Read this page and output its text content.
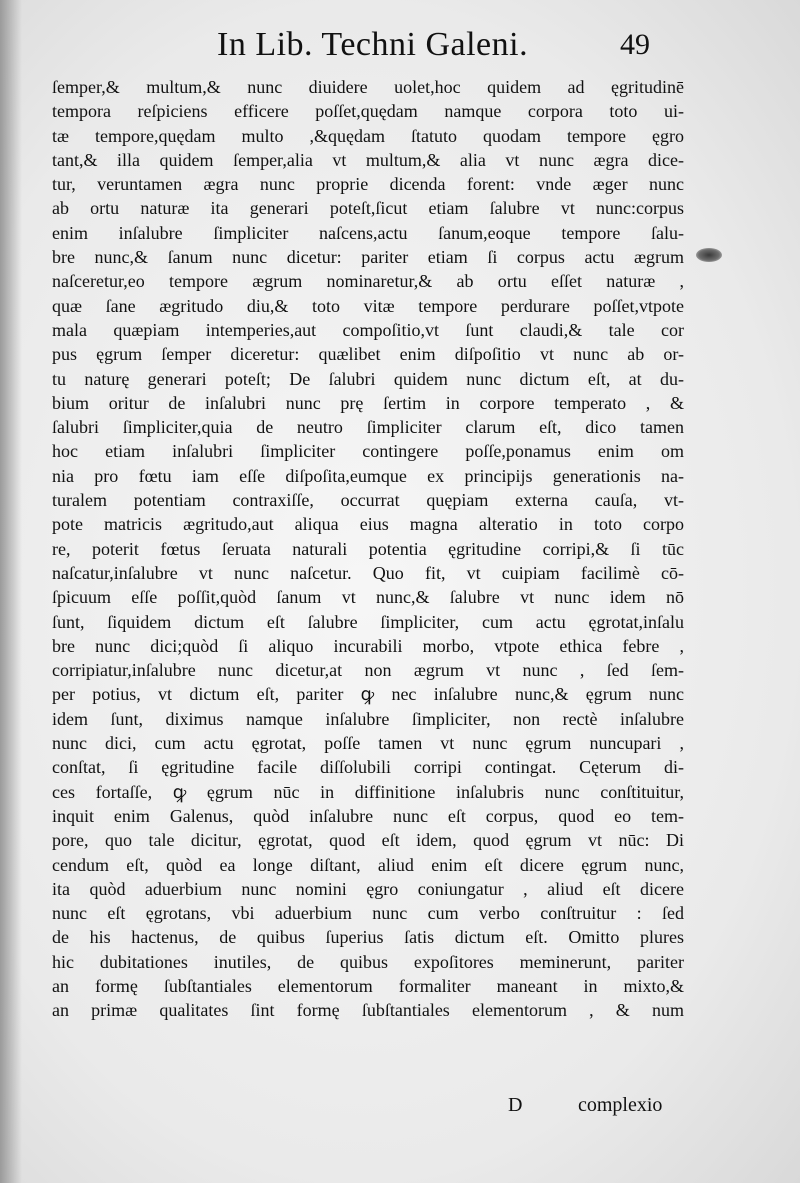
In Lib. Techni Galeni.	49
ſemper,& multum,& nunc diuidere uolet,hoc quidem ad ęgritudinē
tempora reſpiciens efficere poſſet,quędam namque corpora toto ui-
tæ tempore,quędam multo ,&quędam ſtatuto quodam tempore ęgro
tant,& illa quidem ſemper,alia vt multum,& alia vt nunc ægra dice-
tur, veruntamen ægra nunc proprie dicenda forent: vnde æger nunc
ab ortu naturæ ita generari poteſt,ſicut etiam ſalubre vt nunc:corpus
enim inſalubre ſimpliciter naſcens,actu ſanum,eoque tempore ſalu-
bre nunc,& ſanum nunc dicetur: pariter etiam ſi corpus actu ægrum
naſceretur,eo tempore ægrum nominaretur,& ab ortu eſſet naturæ ,
quæ ſane ægritudo diu,& toto vitæ tempore perdurare poſſet,vtpote
mala quæpiam intemperies,aut compoſitio,vt ſunt claudi,& tale cor
pus ęgrum ſemper diceretur: quælibet enim diſpoſitio vt nunc ab or-
tu naturę generari poteſt; De ſalubri quidem nunc dictum eſt, at du-
bium oritur de inſalubri nunc prę ſertim in corpore temperato , &
ſalubri ſimpliciter,quia de neutro ſimpliciter clarum eſt, dico tamen
hoc etiam inſalubri ſimpliciter contingere poſſe,ponamus enim om
nia pro fœtu iam eſſe diſpoſita,eumque ex principijs generationis na-
turalem potentiam contraxiſſe, occurrat quępiam externa cauſa, vt-
pote matricis ægritudo,aut aliqua eius magna alteratio in toto corpo
re, poterit fœtus ſeruata naturali potentia ęgritudine corripi,& ſi tūc
naſcatur,inſalubre vt nunc naſcetur. Quo fit, vt cuipiam facilimè cō-
ſpicuum eſſe poſſit,quòd ſanum vt nunc,& ſalubre vt nunc idem nō
ſunt, ſiquidem dictum eſt ſalubre ſimpliciter, cum actu ęgrotat,inſalu
bre nunc dici;quòd ſi aliquo incurabili morbo, vtpote ethica febre ,
corripiatur,inſalubre nunc dicetur,at non ægrum vt nunc , ſed ſem-
per potius, vt dictum eſt, pariter ꝙ nec inſalubre nunc,& ęgrum nunc
idem ſunt, diximus namque inſalubre ſimpliciter, non rectè inſalubre
nunc dici, cum actu ęgrotat, poſſe tamen vt nunc ęgrum nuncupari ,
conſtat, ſi ęgritudine facile diſſolubili corripi contingat. Cęterum di-
ces fortaſſe, ꝙ ęgrum nūc in diffinitione inſalubris nunc conſtituitur,
inquit enim Galenus, quòd inſalubre nunc eſt corpus, quod eo tem-
pore, quo tale dicitur, ęgrotat, quod eſt idem, quod ęgrum vt nūc: Di
cendum eſt, quòd ea longe diſtant, aliud enim eſt dicere ęgrum nunc,
ita quòd aduerbium nunc nomini ęgro coniungatur , aliud eſt dicere
nunc eſt ęgrotans, vbi aduerbium nunc cum verbo conſtruitur : ſed
de his hactenus, de quibus ſuperius ſatis dictum eſt. Omitto plures
hic dubitationes inutiles, de quibus expoſitores meminerunt, pariter
an formę ſubſtantiales elementorum formaliter maneant in mixto,&
an primæ qualitates ſint formę ſubſtantiales elementorum , & num
D	complexio
